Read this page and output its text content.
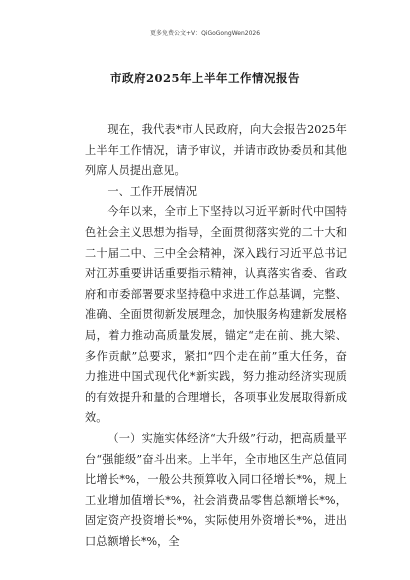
更多免费公文+V：QiGoGongWen2026
市政府2025年上半年工作情况报告

现在，我代表*市人民政府，向大会报告2025年上半年工作情况，请予审议，并请市政协委员和其他列席人员提出意见。

一、工作开展情况

今年以来，全市上下坚持以习近平新时代中国特色社会主义思想为指导，全面贯彻落实党的二十大和二十届二中、三中全会精神，深入践行习近平总书记对江苏重要讲话重要指示精神，认真落实省委、省政府和市委部署要求坚持稳中求进工作总基调，完整、准确、全面贯彻新发展理念，加快服务构建新发展格局，着力推动高质量发展，锚定“走在前、挑大梁、多作贡献”总要求，紧扣“四个走在前”重大任务，奋力推进中国式现代化*新实践，努力推动经济实现质的有效提升和量的合理增长，各项事业发展取得新成效。

（一）实施实体经济“大升级”行动，把高质量平台“强能级”奋斗出来。上半年，全市地区生产总值同比增长*%，一般公共预算收入同口径增长*%，规上工业增加值增长*%，社会消费品零售总额增长*%，固定资产投资增长*%，实际使用外资增长*%，进出口总额增长*%，全
